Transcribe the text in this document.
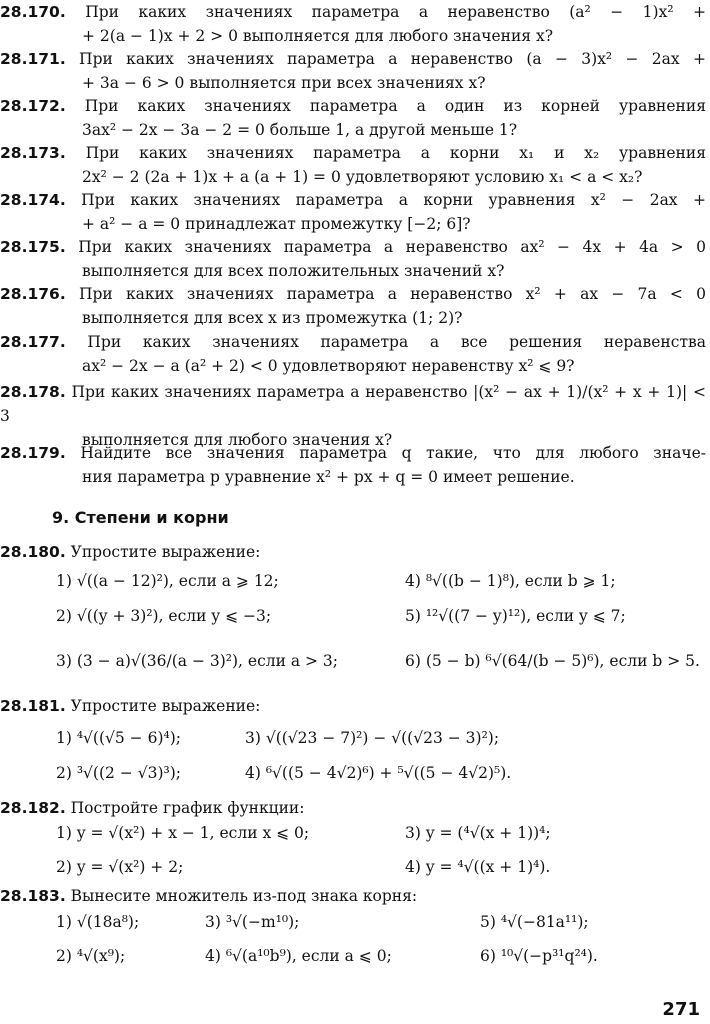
28.170. При каких значениях параметра a неравенство (a² − 1)x² +
+ 2(a − 1)x + 2 > 0 выполняется для любого значения x?
28.171. При каких значениях параметра a неравенство (a − 3)x² − 2ax +
+ 3a − 6 > 0 выполняется при всех значениях x?
28.172. При каких значениях параметра a один из корней уравнения
3ax² − 2x − 3a − 2 = 0 больше 1, а другой меньше 1?
28.173. При каких значениях параметра a корни x₁ и x₂ уравнения
2x² − 2 (2a + 1)x + a (a + 1) = 0 удовлетворяют условию x₁ < a < x₂?
28.174. При каких значениях параметра a корни уравнения x² − 2ax +
+ a² − a = 0 принадлежат промежутку [−2; 6]?
28.175. При каких значениях параметра a неравенство ax² − 4x + 4a > 0
выполняется для всех положительных значений x?
28.176. При каких значениях параметра a неравенство x² + ax − 7a < 0
выполняется для всех x из промежутка (1; 2)?
28.177. При каких значениях параметра a все решения неравенства
ax² − 2x − a (a² + 2) < 0 удовлетворяют неравенству x² ⩽ 9?
28.178. При каких значениях параметра a неравенство |(x² − ax + 1)/(x² + x + 1)| < 3
выполняется для любого значения x?
28.179. Найдите все значения параметра q такие, что для любого значе-
ния параметра p уравнение x² + px + q = 0 имеет решение.
9. Степени и корни
28.180. Упростите выражение:
1) √((a − 12)²), если a ⩾ 12;	4) ⁸√((b − 1)⁸), если b ⩾ 1;
2) √((y + 3)²), если y ⩽ −3;	5) ¹²√((7 − y)¹²), если y ⩽ 7;
3) (3 − a)√(36/(a − 3)²), если a > 3;	6) (5 − b) ⁶√(64/(b − 5)⁶), если b > 5.
28.181. Упростите выражение:
1) ⁴√((√5 − 6)⁴);	3) √((√23 − 7)²) − √((√23 − 3)²);
2) ³√((2 − √3)³);	4) ⁶√((5 − 4√2)⁶) + ⁵√((5 − 4√2)⁵).
28.182. Постройте график функции:
1) y = √(x²) + x − 1, если x ⩽ 0;	3) y = (⁴√(x + 1))⁴;
2) y = √(x²) + 2;	4) y = ⁴√((x + 1)⁴).
28.183. Вынесите множитель из-под знака корня:
1) √(18a⁸);	3) ³√(−m¹⁰);	5) ⁴√(−81a¹¹);
2) ⁴√(x⁹);	4) ⁶√(a¹⁰b⁹), если a ⩽ 0;	6) ¹⁰√(−p³¹q²⁴).
271
